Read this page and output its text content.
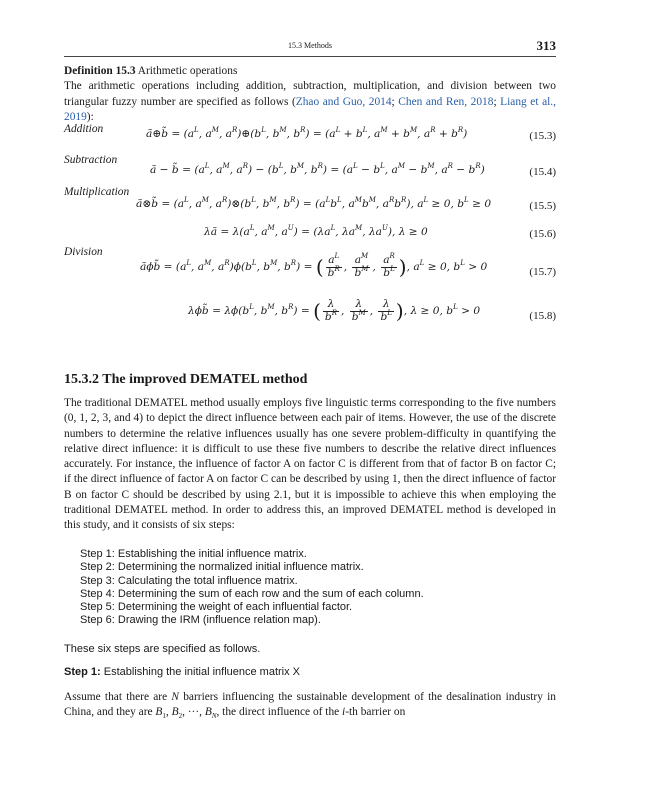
15.3 Methods	313
Definition 15.3 Arithmetic operations
The arithmetic operations including addition, subtraction, multiplication, and division between two triangular fuzzy number are specified as follows (Zhao and Guo, 2014; Chen and Ren, 2018; Liang et al., 2019):
Addition
Subtraction
Multiplication
Division
ã⊕b̃ = ($a^L$, $a^M$, $a^R)\oplus(b^L$, $b^M$, $b^R) = (a^L + b^L$, $a^M + b^M$, $a^R + b^R$)	(15.3)
ã − b̃ = ($a^L$, $a^M$, $a^R) - (b^L$, $b^M$, $b^R) = (a^L - b^L$, $a^M - b^M$, $a^R - b^R$)	(15.4)
ã⊗b̃ = ($a^L$, $a^M$, $a^R)\otimes(b^L$, $b^M$, $b^R) = (a^Lb^L$, $a^Mb^M$, $a^Rb^R$), $a^L \ge 0$, $b^L \ge 0$	(15.5)
λã = $\lambda(a^L$, $a^M$, $a^U) = (\lambda a^L$, $\lambda a^M$, $\lambda a^U$), λ ≥ 0	(15.6)
ãϕb̃ = ($a^L$, $a^M$, $a^R)\phi(b^L$, $b^M$, $b^R$) = ( $\frac{a^L}{b^R}$ , $\frac{a^M}{b^M}$ , $\frac{a^R}{b^L}$ ), $a^L \ge 0$, $b^L > 0$	(15.7)
λϕb̃ = $\lambda\phi(b^L$, $b^M$, $b^R$) = ( $\frac{\lambda}{b^R}$ , $\frac{\lambda}{b^M}$ , $\frac{\lambda}{b^L}$ ), λ ≥ 0, $b^L > 0$	(15.8)
15.3.2 The improved DEMATEL method
The traditional DEMATEL method usually employs five linguistic terms corresponding to the five numbers (0, 1, 2, 3, and 4) to depict the direct influence between each pair of items. However, the use of the discrete numbers to determine the relative influences usually has one severe problem-difficulty in quantifying the relative direct influence: it is difficult to use these five numbers to describe the relative direct influences accurately. For instance, the influence of factor A on factor C is different from that of factor B on factor C; if the direct influence of factor A on factor C can be described by using 1, then the direct influence of factor B on factor C should be described by using 2.1, but it is impossible to achieve this when employing the traditional DEMATEL method. In order to address this, an improved DEMATEL method is developed in this study, and it consists of six steps:
Step 1: Establishing the initial influence matrix.
Step 2: Determining the normalized initial influence matrix.
Step 3: Calculating the total influence matrix.
Step 4: Determining the sum of each row and the sum of each column.
Step 5: Determining the weight of each influential factor.
Step 6: Drawing the IRM (influence relation map).
These six steps are specified as follows.
Step 1: Establishing the initial influence matrix X
Assume that there are N barriers influencing the sustainable development of the desalination industry in China, and they are $B_1$, $B_2$, ···, $B_N$, the direct influence of the i-th barrier on
